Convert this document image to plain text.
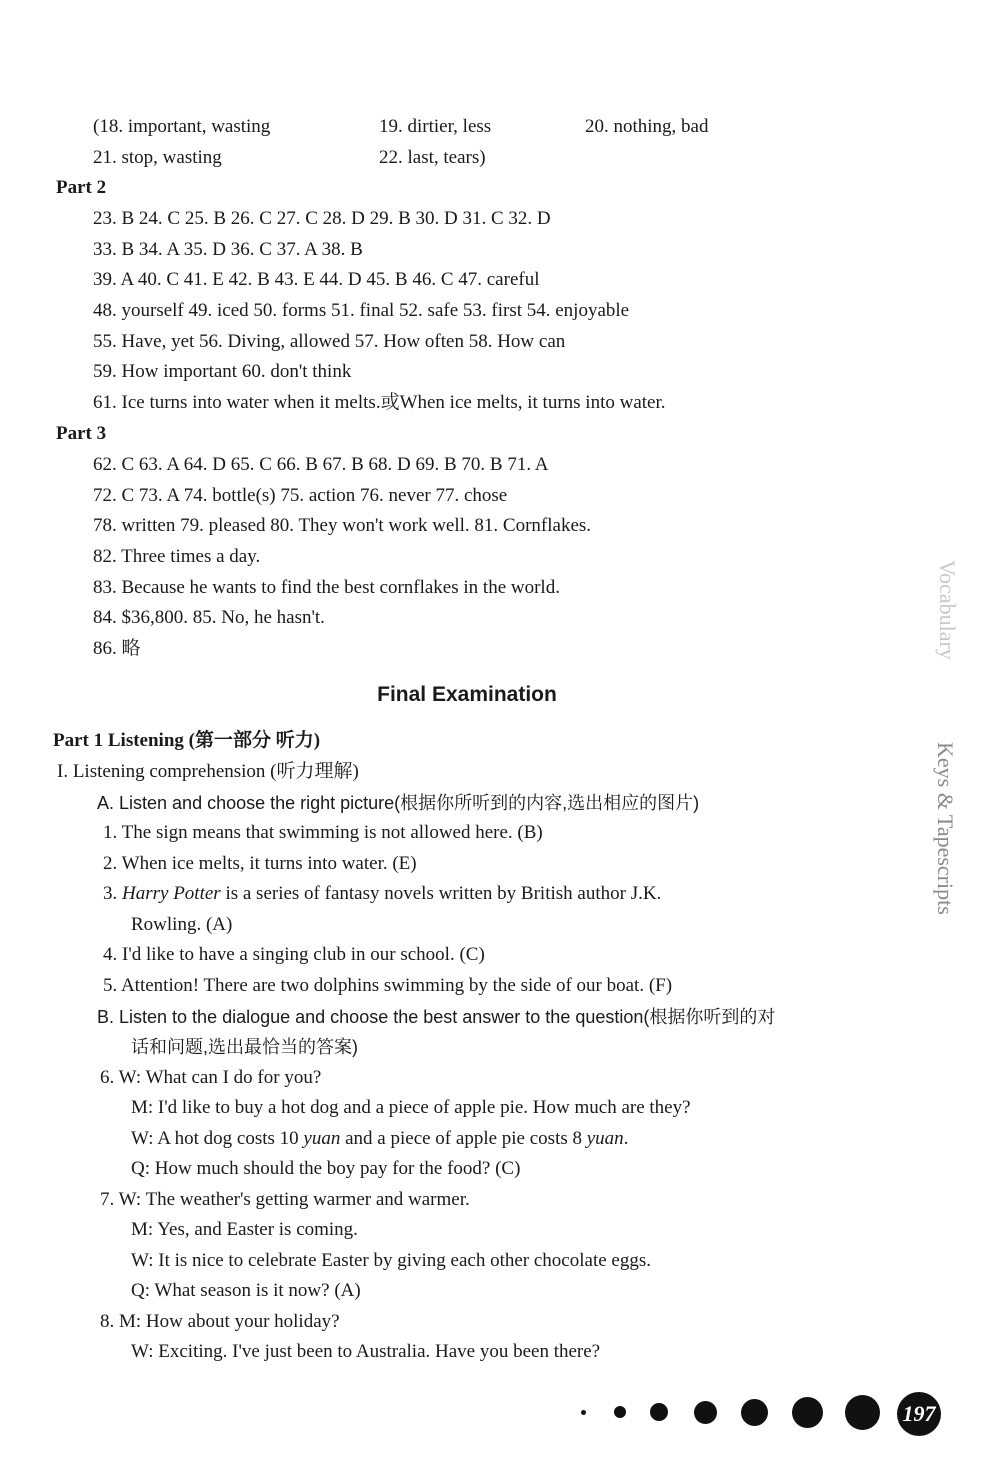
(18. important, wasting	19. dirtier, less	20. nothing, bad
21. stop, wasting	22. last, tears)
Part 2
23. B 24. C 25. B 26. C 27. C 28. D 29. B 30. D 31. C 32. D
33. B 34. A 35. D 36. C 37. A 38. B
39. A 40. C 41. E 42. B 43. E 44. D 45. B 46. C 47. careful
48. yourself 49. iced 50. forms 51. final 52. safe 53. first 54. enjoyable
55. Have, yet 56. Diving, allowed 57. How often 58. How can
59. How important 60. don't think
61. Ice turns into water when it melts.或When ice melts, it turns into water.
Part 3
62. C 63. A 64. D 65. C 66. B 67. B 68. D 69. B 70. B 71. A
72. C 73. A 74. bottle(s) 75. action 76. never 77. chose
78. written 79. pleased 80. They won't work well. 81. Cornflakes.
82. Three times a day.
83. Because he wants to find the best cornflakes in the world.
84. $36,800. 85. No, he hasn't.
86. 略
Final Examination
Part 1 Listening (第一部分 听力)
I. Listening comprehension (听力理解)
A. Listen and choose the right picture(根据你所听到的内容,选出相应的图片)
1. The sign means that swimming is not allowed here. (B)
2. When ice melts, it turns into water. (E)
3. Harry Potter is a series of fantasy novels written by British author J.K.
Rowling. (A)
4. I'd like to have a singing club in our school. (C)
5. Attention! There are two dolphins swimming by the side of our boat. (F)
B. Listen to the dialogue and choose the best answer to the question(根据你听到的对
话和问题,选出最恰当的答案)
6. W: What can I do for you?
M: I'd like to buy a hot dog and a piece of apple pie. How much are they?
W: A hot dog costs 10 yuan and a piece of apple pie costs 8 yuan.
Q: How much should the boy pay for the food? (C)
7. W: The weather's getting warmer and warmer.
M: Yes, and Easter is coming.
W: It is nice to celebrate Easter by giving each other chocolate eggs.
Q: What season is it now? (A)
8. M: How about your holiday?
W: Exciting. I've just been to Australia. Have you been there?
Vocabulary
Keys & Tapescripts
197
